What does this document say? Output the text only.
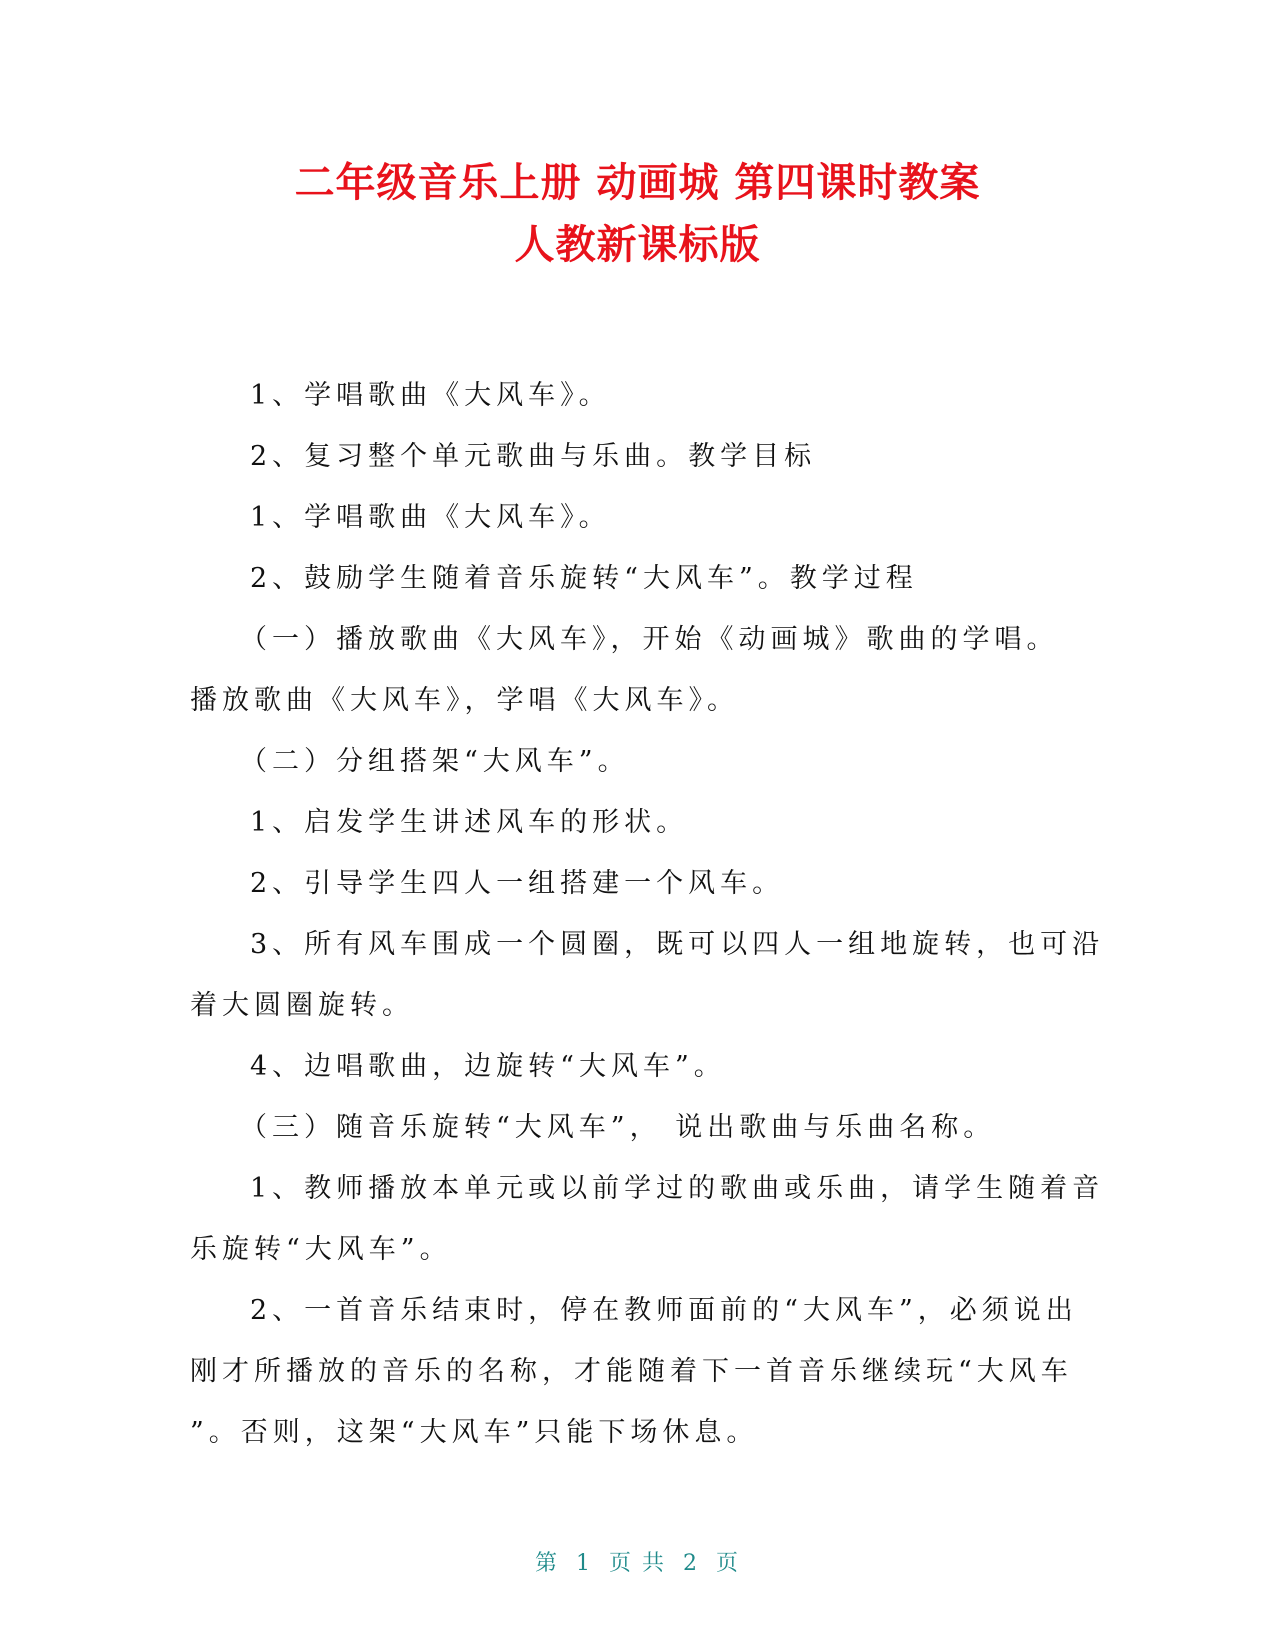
二年级音乐上册 动画城 第四课时教案
人教新课标版

1、学唱歌曲《大风车》。

2、复习整个单元歌曲与乐曲。教学目标

1、学唱歌曲《大风车》。

2、鼓励学生随着音乐旋转“大风车”。教学过程

（一）播放歌曲《大风车》，开始《动画城》歌曲的学唱。

播放歌曲《大风车》，学唱《大风车》。

（二）分组搭架“大风车”。

1、启发学生讲述风车的形状。

2、引导学生四人一组搭建一个风车。

3、所有风车围成一个圆圈，既可以四人一组地旋转，也可沿

着大圆圈旋转。

4、边唱歌曲，边旋转“大风车”。

（三）随音乐旋转“大风车”， 说出歌曲与乐曲名称。

1、教师播放本单元或以前学过的歌曲或乐曲，请学生随着音

乐旋转“大风车”。

2、一首音乐结束时，停在教师面前的“大风车”，必须说出

刚才所播放的音乐的名称，才能随着下一首音乐继续玩“大风车

”。否则，这架“大风车”只能下场休息。

第 1 页 共 2 页
